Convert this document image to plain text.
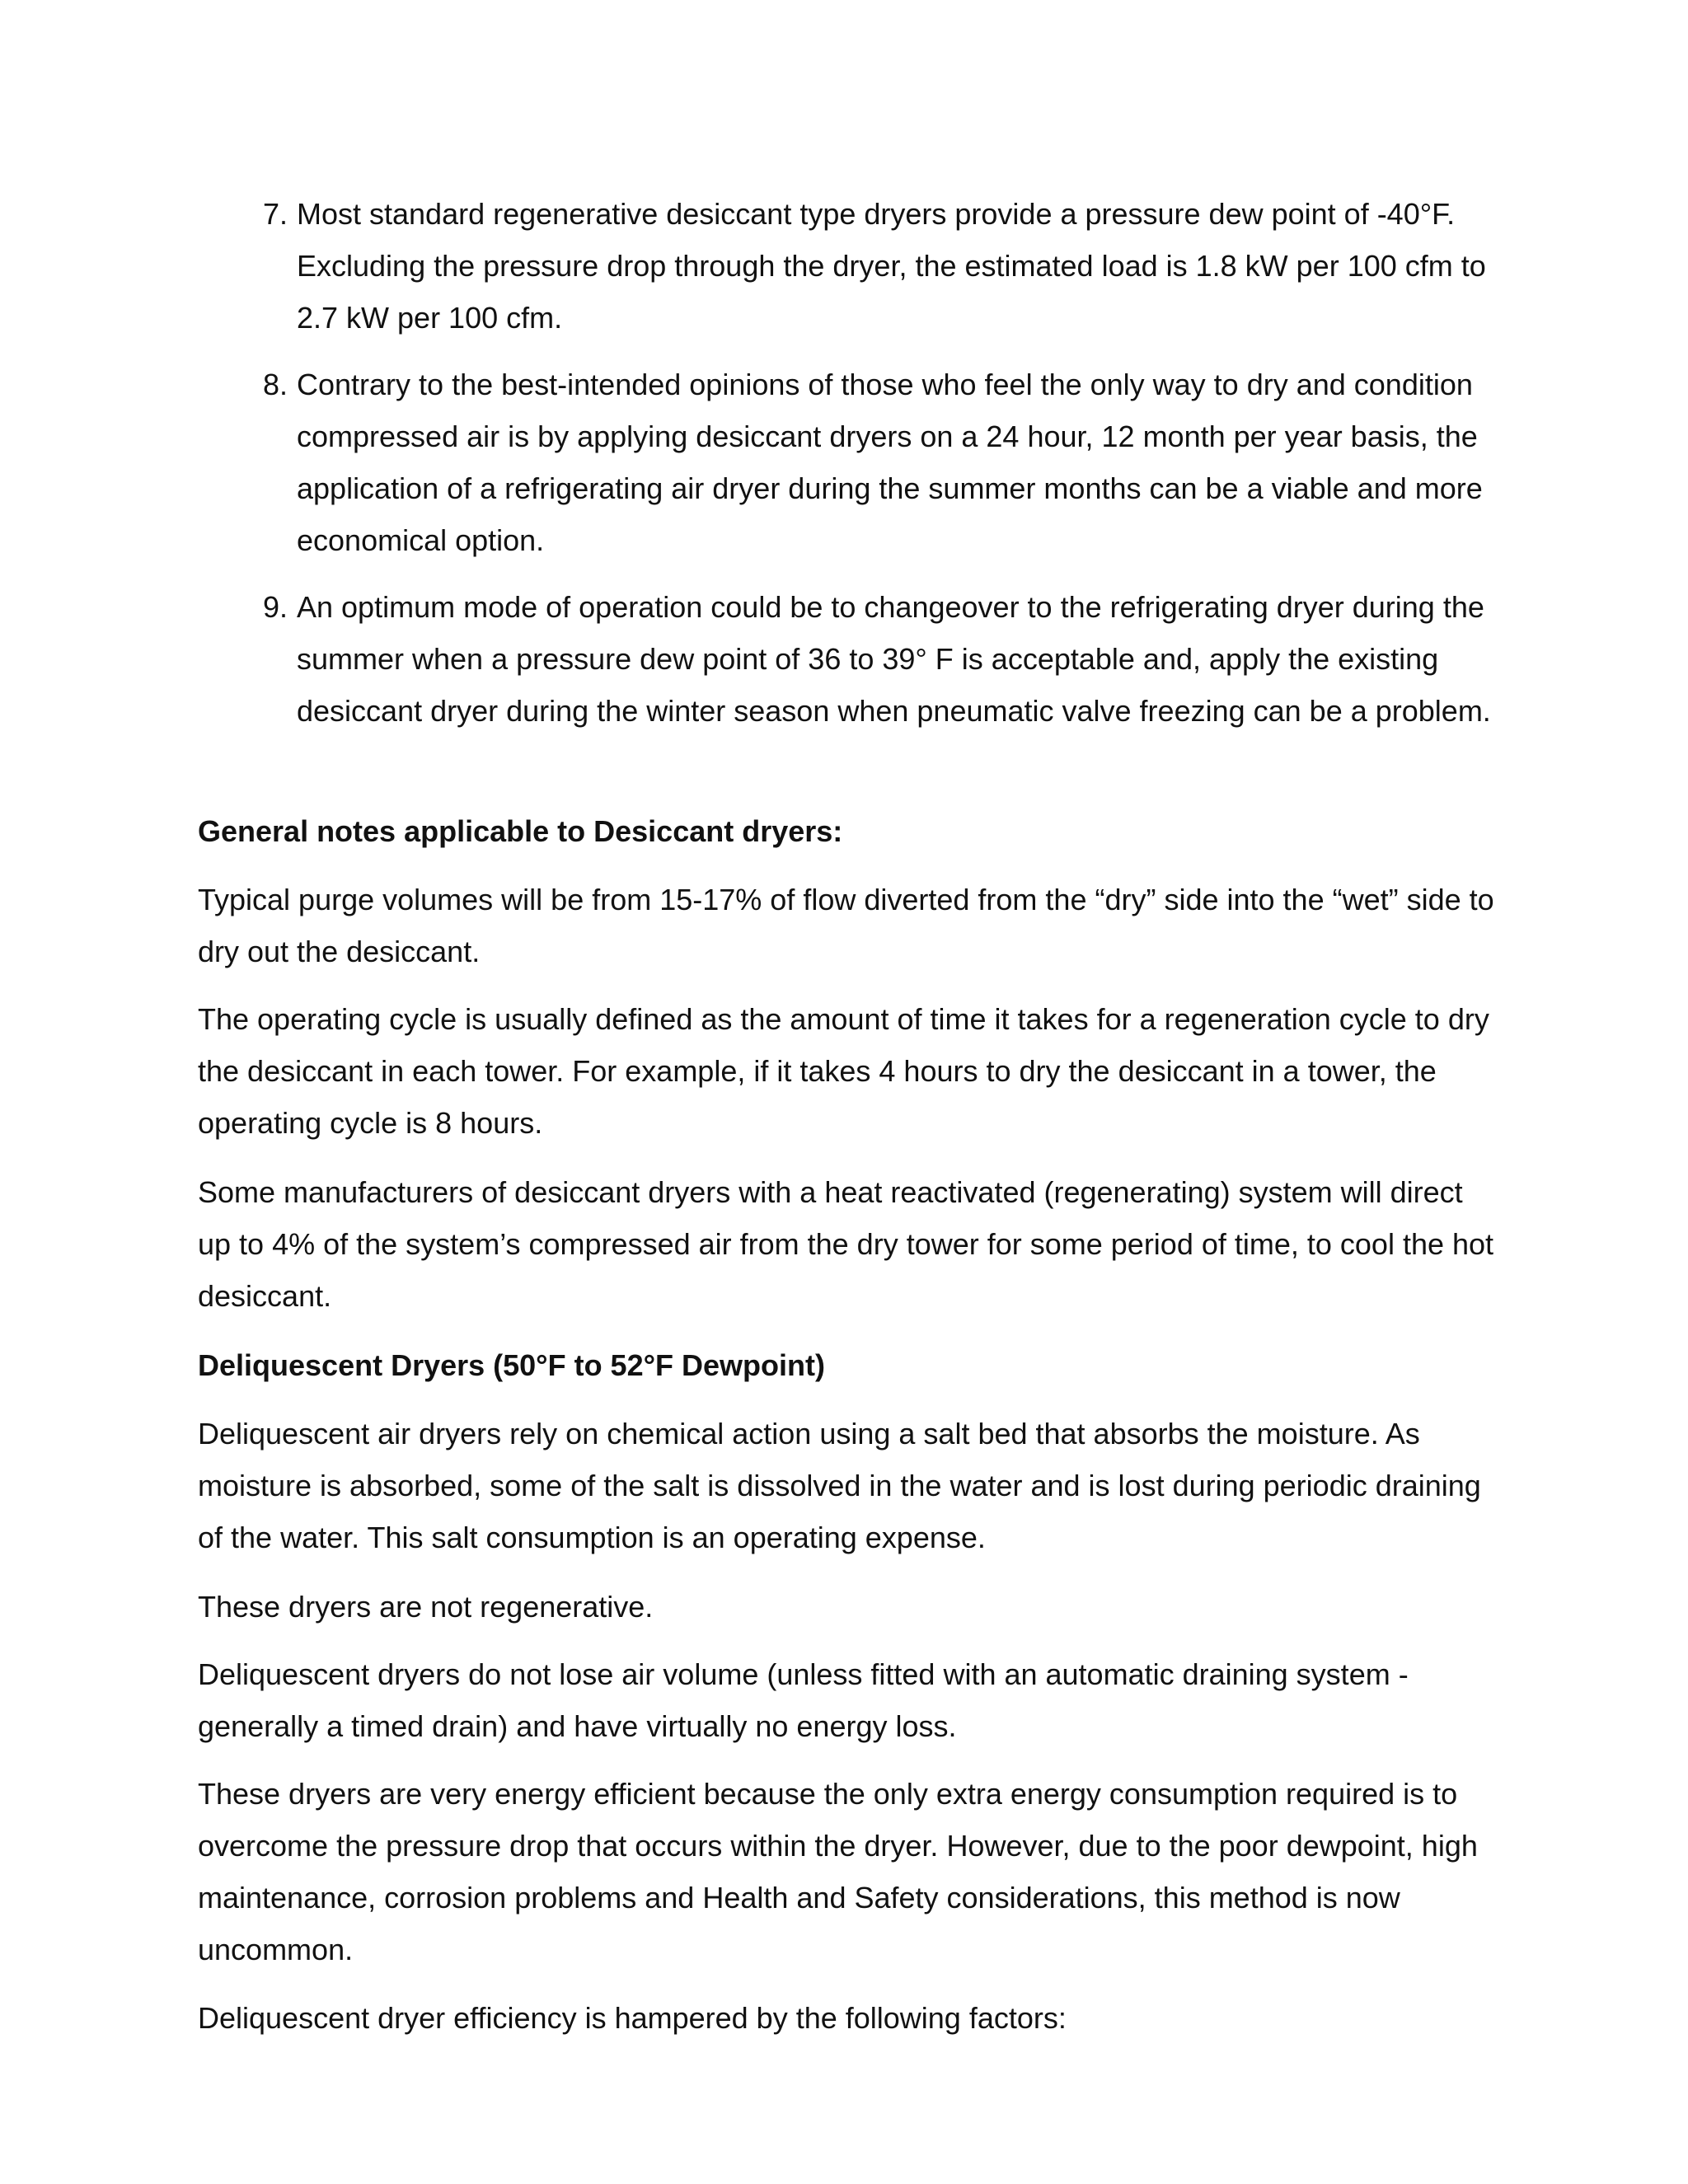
7. Most standard regenerative desiccant type dryers provide a pressure dew point of -40°F. Excluding the pressure drop through the dryer, the estimated load is 1.8 kW per 100 cfm to 2.7 kW per 100 cfm.
8. Contrary to the best-intended opinions of those who feel the only way to dry and condition compressed air is by applying desiccant dryers on a 24 hour, 12 month per year basis, the application of a refrigerating air dryer during the summer months can be a viable and more economical option.
9. An optimum mode of operation could be to changeover to the refrigerating dryer during the summer when a pressure dew point of 36 to 39° F is acceptable and, apply the existing desiccant dryer during the winter season when pneumatic valve freezing can be a problem.
General notes applicable to Desiccant dryers:
Typical purge volumes will be from 15-17% of flow diverted from the “dry” side into the “wet” side to dry out the desiccant.
The operating cycle is usually defined as the amount of time it takes for a regeneration cycle to dry the desiccant in each tower. For example, if it takes 4 hours to dry the desiccant in a tower, the operating cycle is 8 hours.
Some manufacturers of desiccant dryers with a heat reactivated (regenerating) system will direct up to 4% of the system’s compressed air from the dry tower for some period of time, to cool the hot desiccant.
Deliquescent Dryers (50°F to 52°F Dewpoint)
Deliquescent air dryers rely on chemical action using a salt bed that absorbs the moisture. As moisture is absorbed, some of the salt is dissolved in the water and is lost during periodic draining of the water. This salt consumption is an operating expense.
These dryers are not regenerative.
Deliquescent dryers do not lose air volume (unless fitted with an automatic draining system - generally a timed drain) and have virtually no energy loss.
These dryers are very energy efficient because the only extra energy consumption required is to overcome the pressure drop that occurs within the dryer. However, due to the poor dewpoint, high maintenance, corrosion problems and Health and Safety considerations, this method is now uncommon.
Deliquescent dryer efficiency is hampered by the following factors:
